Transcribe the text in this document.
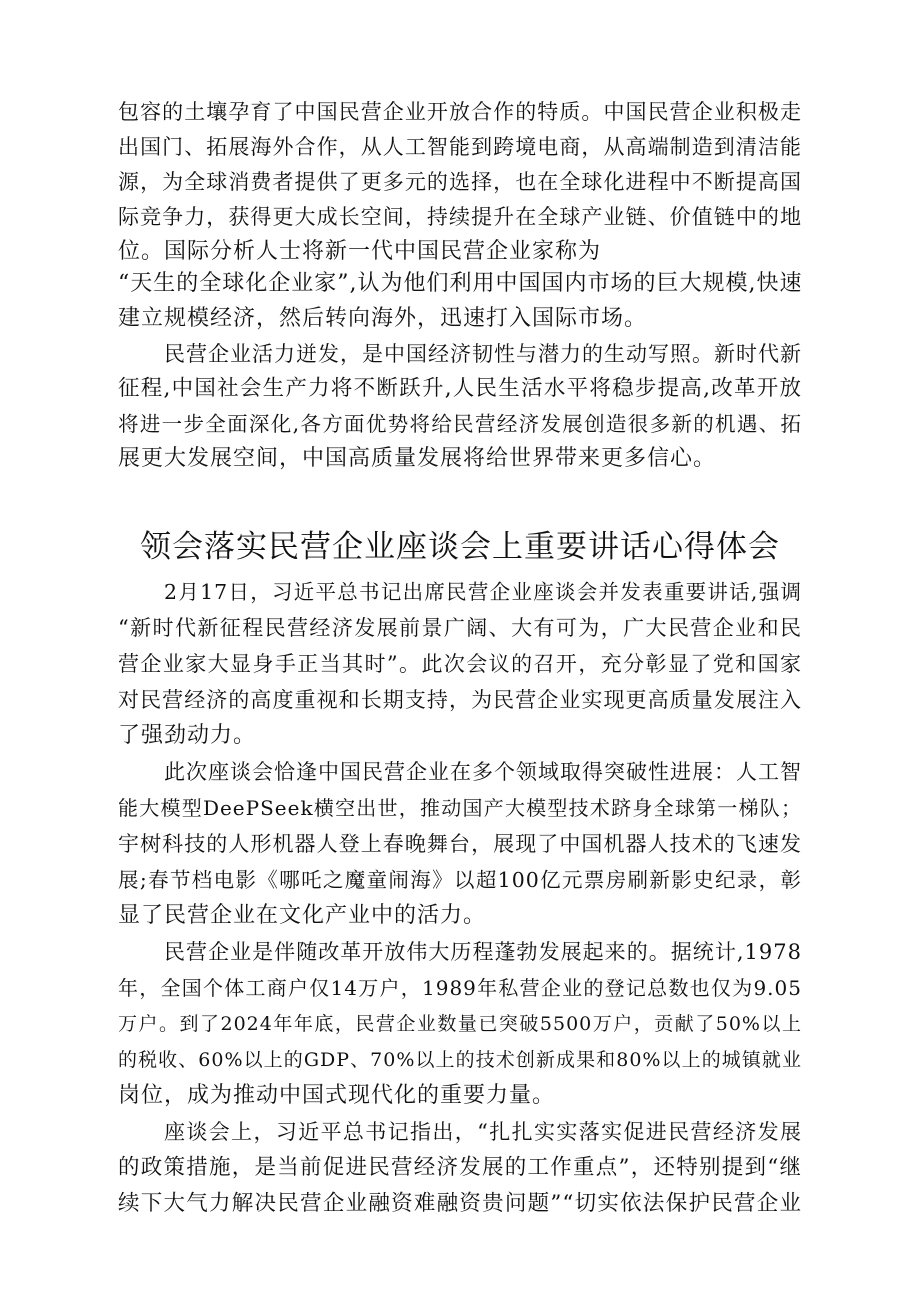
包容的土壤孕育了中国民营企业开放合作的特质。中国民营企业积极走
出国门、拓展海外合作，从人工智能到跨境电商，从高端制造到清洁能
源，为全球消费者提供了更多元的选择，也在全球化进程中不断提高国
际竞争力，获得更大成长空间，持续提升在全球产业链、价值链中的地
位。国际分析人士将新一代中国民营企业家称为
“天生的全球化企业家”,认为他们利用中国国内市场的巨大规模,快速
建立规模经济，然后转向海外，迅速打入国际市场。
民营企业活力迸发，是中国经济韧性与潜力的生动写照。新时代新
征程,中国社会生产力将不断跃升,人民生活水平将稳步提高,改革开放
将进一步全面深化,各方面优势将给民营经济发展创造很多新的机遇、拓
展更大发展空间，中国高质量发展将给世界带来更多信心。
领会落实民营企业座谈会上重要讲话心得体会
2月17日，习近平总书记出席民营企业座谈会并发表重要讲话,强调
“新时代新征程民营经济发展前景广阔、大有可为，广大民营企业和民
营企业家大显身手正当其时”。此次会议的召开，充分彰显了党和国家
对民营经济的高度重视和长期支持，为民营企业实现更高质量发展注入
了强劲动力。
此次座谈会恰逢中国民营企业在多个领域取得突破性进展：人工智
能大模型DeePSeek横空出世，推动国产大模型技术跻身全球第一梯队；
宇树科技的人形机器人登上春晚舞台，展现了中国机器人技术的飞速发
展;春节档电影《哪吒之魔童闹海》以超100亿元票房刷新影史纪录，彰
显了民营企业在文化产业中的活力。
民营企业是伴随改革开放伟大历程蓬勃发展起来的。据统计,1978
年，全国个体工商户仅14万户，1989年私营企业的登记总数也仅为9.05
万户。到了2024年年底，民营企业数量已突破5500万户，贡献了50%以上
的税收、60%以上的GDP、70%以上的技术创新成果和80%以上的城镇就业
岗位，成为推动中国式现代化的重要力量。
座谈会上，习近平总书记指出，“扎扎实实落实促进民营经济发展
的政策措施，是当前促进民营经济发展的工作重点”，还特别提到“继
续下大气力解决民营企业融资难融资贵问题”“切实依法保护民营企业
